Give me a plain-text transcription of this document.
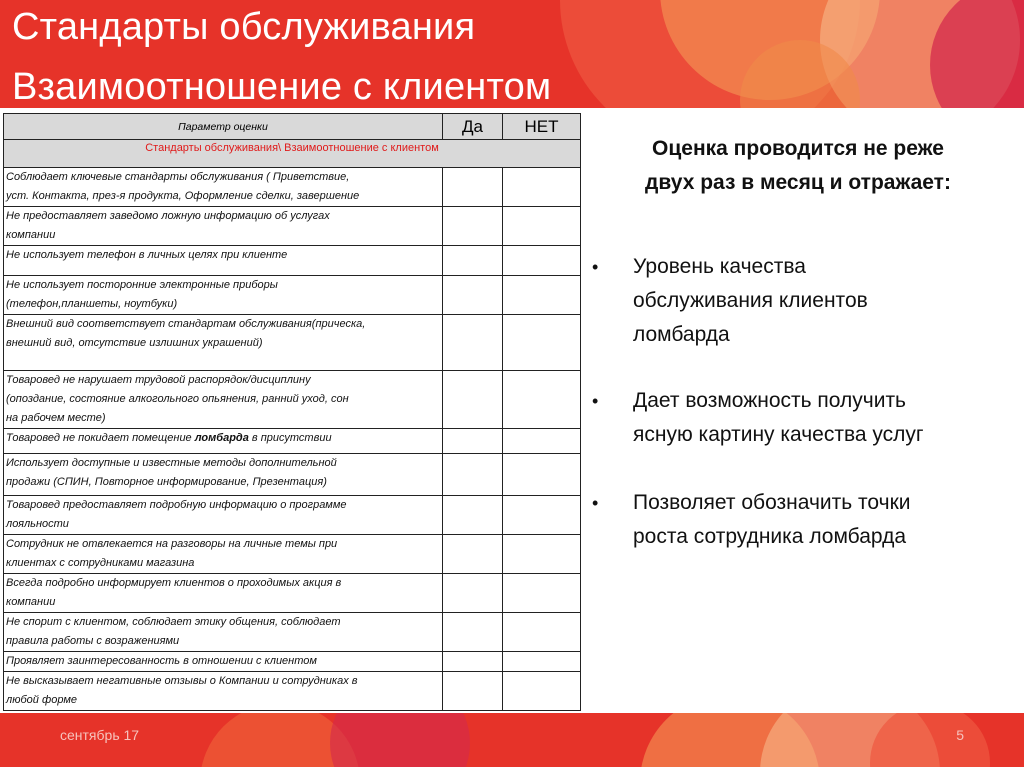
Стандарты обслуживания
Взаимоотношение с клиентом
Параметр оценки	Да	НЕТ
Стандарты обслуживания\ Взаимоотношение с клиентом		
Соблюдает ключевые стандарты обслуживания ( Приветствие,
уст. Контакта, през-я продукта, Оформление сделки, завершение		
Не предоставляет заведомо ложную информацию об услугах
компании		
Не использует телефон в личных целях при клиенте		
Не использует посторонние электронные приборы
(телефон,планшеты, ноутбуки)		
Внешний вид соответствует стандартам обслуживания(прическа,
внешний вид, отсутствие излишних украшений)		
Товаровед не нарушает трудовой распорядок/дисциплину
(опоздание, состояние алкогольного опьянения, ранний уход, сон
на рабочем месте)		
Товаровед не покидает помещение ломбарда в присутствии		
Использует доступные и известные методы дополнительной
продажи (СПИН, Повторное информирование, Презентация)		
Товаровед предоставляет подробную информацию о программе
лояльности		
Сотрудник не отвлекается на разговоры на личные темы при
клиентах с сотрудниками магазина		
Всегда подробно информирует клиентов о проходимых акция в
компании		
Не спорит с клиентом, соблюдает этику общения, соблюдает
правила работы с возражениями		
Проявляет заинтересованность в отношении с клиентом		
Не высказывает негативные отзывы о Компании и сотрудниках в
любой форме		
Оценка проводится не реже
двух раз в месяц и отражает:
• Уровень качества
обслуживания клиентов
ломбарда
• Дает возможность получить
ясную картину качества услуг
• Позволяет обозначить точки
роста сотрудника ломбарда
сентябрь 17	5
